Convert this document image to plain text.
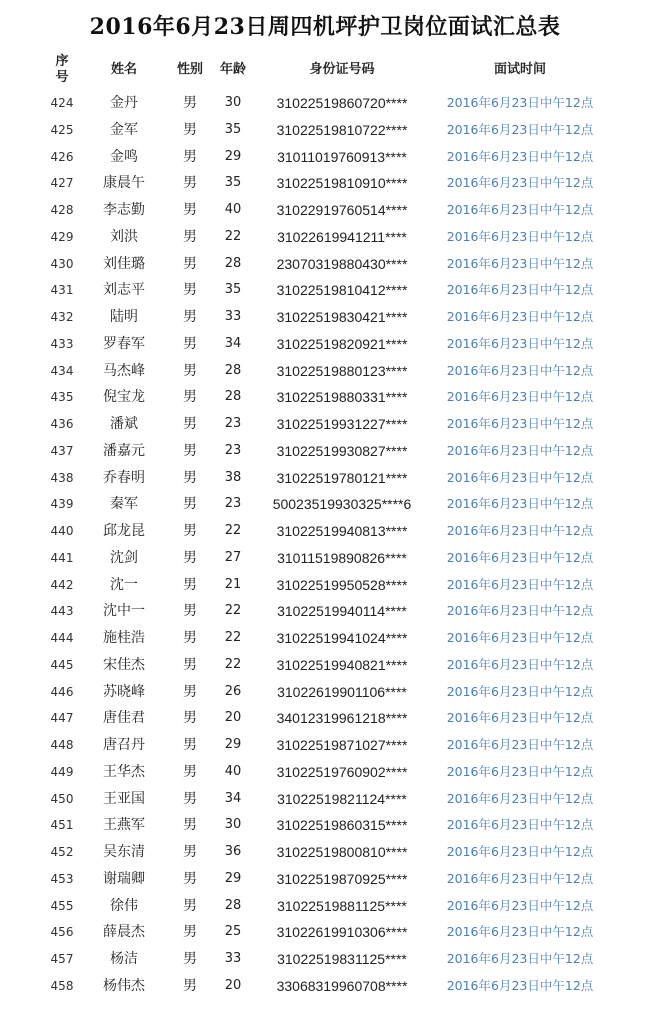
2016年6月23日周四机坪护卫岗位面试汇总表
序
号
姓名	性别	年龄	身份证号码	面试时间
424	金丹	男	30	31022519860720****	2016年6月23日中午12点
425	金军	男	35	31022519810722****	2016年6月23日中午12点
426	金鸣	男	29	31011019760913****	2016年6月23日中午12点
427	康晨午	男	35	31022519810910****	2016年6月23日中午12点
428	李志勤	男	40	31022919760514****	2016年6月23日中午12点
429	刘洪	男	22	31022619941211****	2016年6月23日中午12点
430	刘佳璐	男	28	23070319880430****	2016年6月23日中午12点
431	刘志平	男	35	31022519810412****	2016年6月23日中午12点
432	陆明	男	33	31022519830421****	2016年6月23日中午12点
433	罗春军	男	34	31022519820921****	2016年6月23日中午12点
434	马杰峰	男	28	31022519880123****	2016年6月23日中午12点
435	倪宝龙	男	28	31022519880331****	2016年6月23日中午12点
436	潘斌	男	23	31022519931227****	2016年6月23日中午12点
437	潘嘉元	男	23	31022519930827****	2016年6月23日中午12点
438	乔春明	男	38	31022519780121****	2016年6月23日中午12点
439	秦军	男	23	50023519930325****6	2016年6月23日中午12点
440	邱龙昆	男	22	31022519940813****	2016年6月23日中午12点
441	沈剑	男	27	31011519890826****	2016年6月23日中午12点
442	沈一	男	21	31022519950528****	2016年6月23日中午12点
443	沈中一	男	22	31022519940114****	2016年6月23日中午12点
444	施桂浩	男	22	31022519941024****	2016年6月23日中午12点
445	宋佳杰	男	22	31022519940821****	2016年6月23日中午12点
446	苏晓峰	男	26	31022619901106****	2016年6月23日中午12点
447	唐佳君	男	20	34012319961218****	2016年6月23日中午12点
448	唐召丹	男	29	31022519871027****	2016年6月23日中午12点
449	王华杰	男	40	31022519760902****	2016年6月23日中午12点
450	王亚国	男	34	31022519821124****	2016年6月23日中午12点
451	王燕军	男	30	31022519860315****	2016年6月23日中午12点
452	吴东清	男	36	31022519800810****	2016年6月23日中午12点
453	谢瑞卿	男	29	31022519870925****	2016年6月23日中午12点
455	徐伟	男	28	31022519881125****	2016年6月23日中午12点
456	薛晨杰	男	25	31022619910306****	2016年6月23日中午12点
457	杨洁	男	33	31022519831125****	2016年6月23日中午12点
458	杨伟杰	男	20	33068319960708****	2016年6月23日中午12点
